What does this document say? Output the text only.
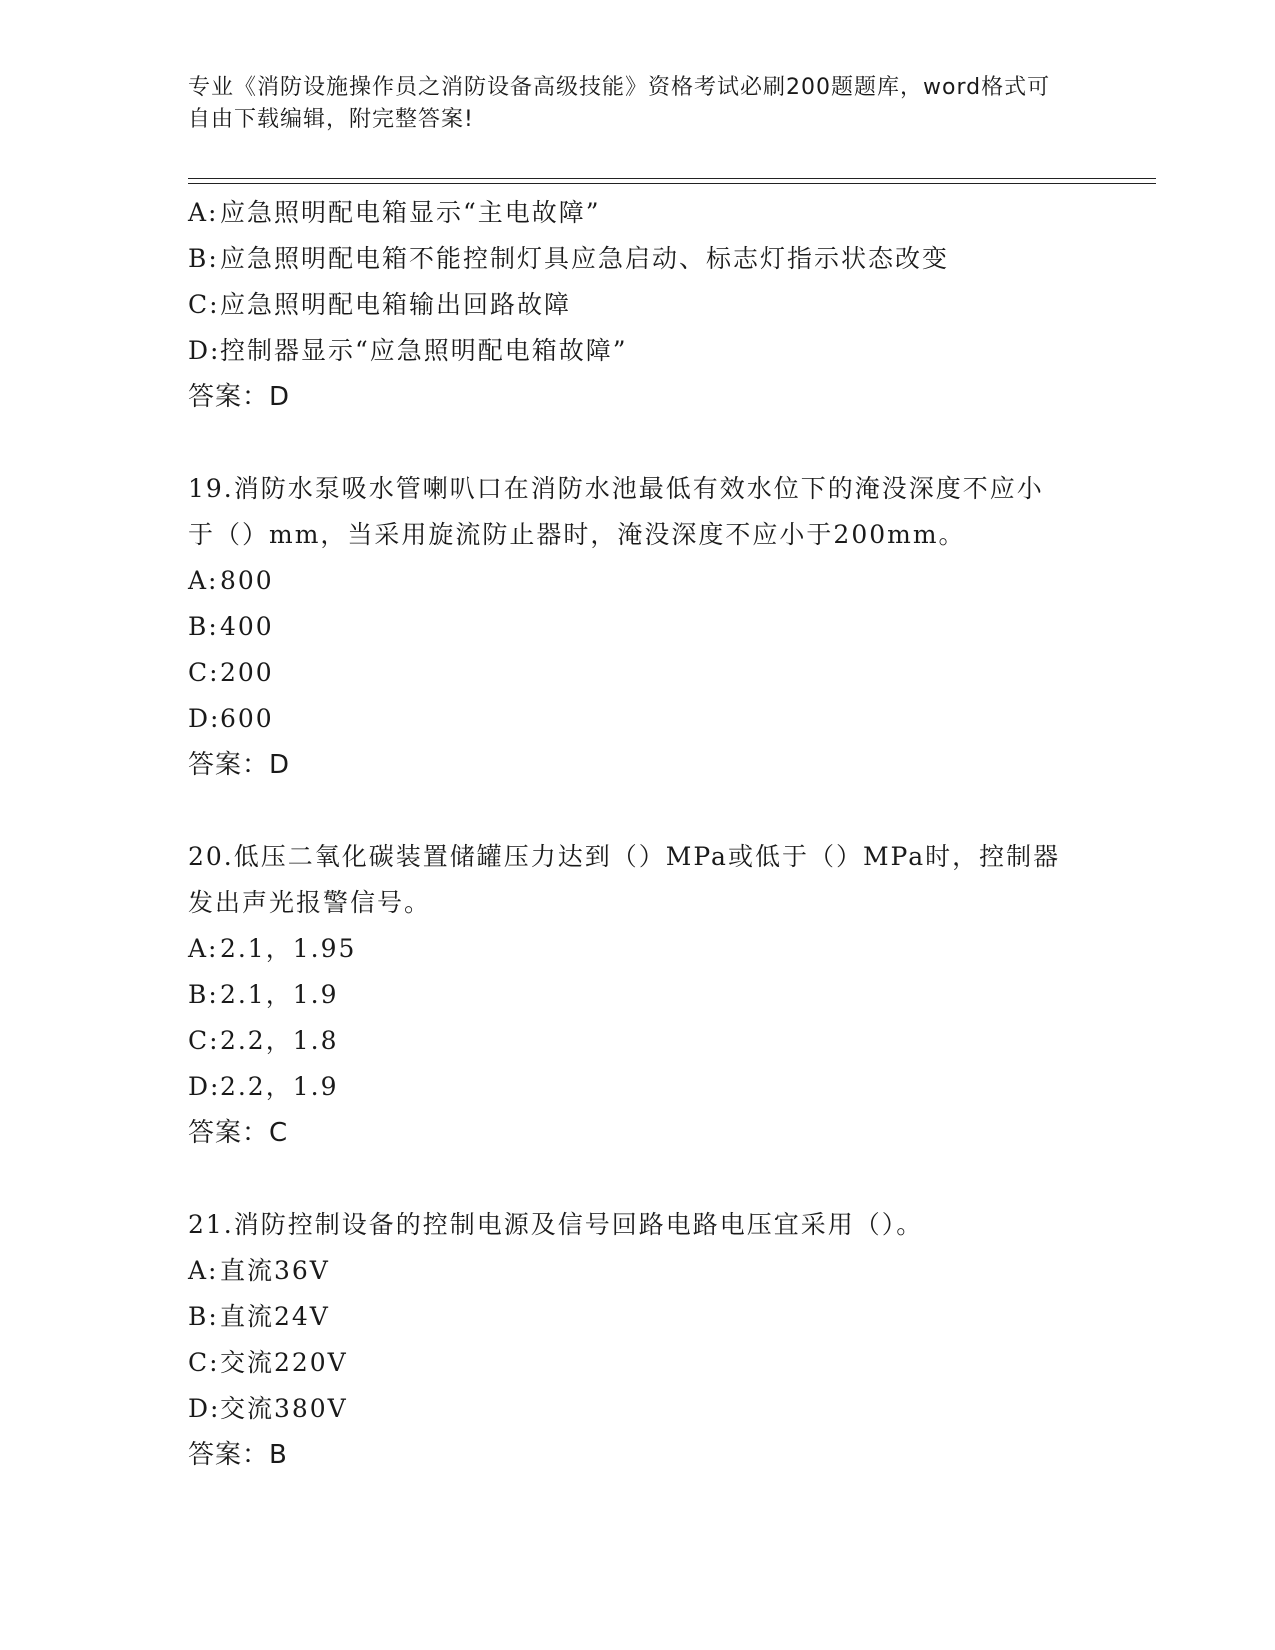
专业《消防设施操作员之消防设备高级技能》资格考试必刷200题题库，word格式可自由下载编辑，附完整答案!
A: 应急照明配电箱显示“主电故障”
B: 应急照明配电箱不能控制灯具应急启动、标志灯指示状态改变
C: 应急照明配电箱输出回路故障
D: 控制器显示“应急照明配电箱故障”
答案：D
19.消防水泵吸水管喇叭口在消防水池最低有效水位下的淹没深度不应小于（）mm，当采用旋流防止器时，淹没深度不应小于200mm。
A: 800
B: 400
C: 200
D: 600
答案：D
20.低压二氧化碳装置储罐压力达到（）MPa或低于（）MPa时，控制器发出声光报警信号。
A: 2.1，1.95
B: 2.1，1.9
C: 2.2，1.8
D: 2.2，1.9
答案：C
21.消防控制设备的控制电源及信号回路电路电压宜采用（）。
A: 直流36V
B: 直流24V
C: 交流220V
D: 交流380V
答案：B
